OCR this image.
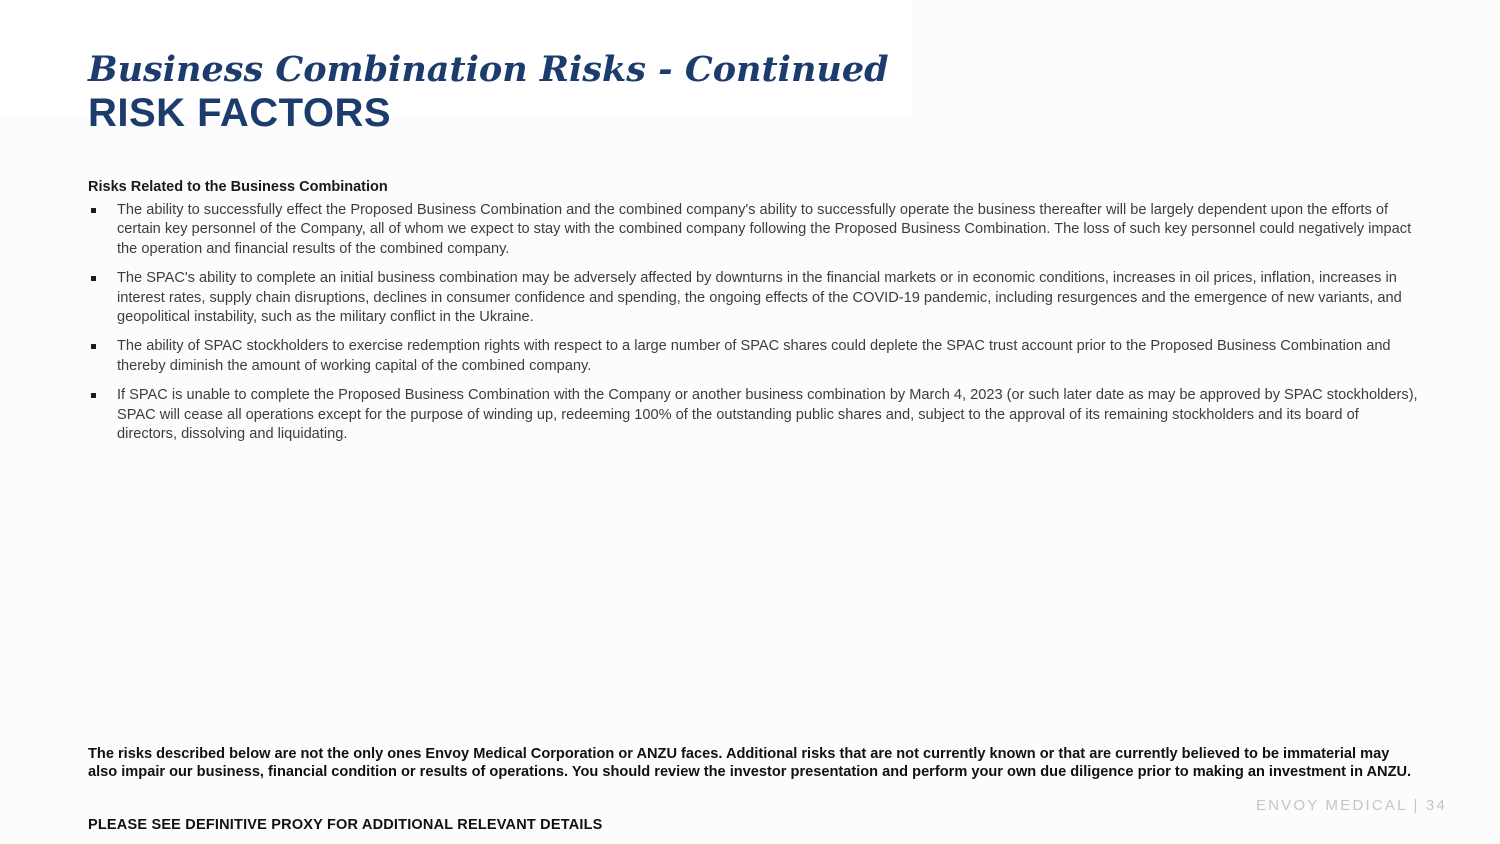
Business Combination Risks - Continued
RISK FACTORS
Risks Related to the Business Combination
The ability to successfully effect the Proposed Business Combination and the combined company's ability to successfully operate the business thereafter will be largely dependent upon the efforts of certain key personnel of the Company, all of whom we expect to stay with the combined company following the Proposed Business Combination. The loss of such key personnel could negatively impact the operation and financial results of the combined company.
The SPAC's ability to complete an initial business combination may be adversely affected by downturns in the financial markets or in economic conditions, increases in oil prices, inflation, increases in interest rates, supply chain disruptions, declines in consumer confidence and spending, the ongoing effects of the COVID-19 pandemic, including resurgences and the emergence of new variants, and geopolitical instability, such as the military conflict in the Ukraine.
The ability of SPAC stockholders to exercise redemption rights with respect to a large number of SPAC shares could deplete the SPAC trust account prior to the Proposed Business Combination and thereby diminish the amount of working capital of the combined company.
If SPAC is unable to complete the Proposed Business Combination with the Company or another business combination by March 4, 2023 (or such later date as may be approved by SPAC stockholders), SPAC will cease all operations except for the purpose of winding up, redeeming 100% of the outstanding public shares and, subject to the approval of its remaining stockholders and its board of directors, dissolving and liquidating.
The risks described below are not the only ones Envoy Medical Corporation or ANZU faces. Additional risks that are not currently known or that are currently believed to be immaterial may also impair our business, financial condition or results of operations. You should review the investor presentation and perform your own due diligence prior to making an investment in ANZU.
PLEASE SEE DEFINITIVE PROXY FOR ADDITIONAL RELEVANT DETAILS
ENVOY MEDICAL | 34
